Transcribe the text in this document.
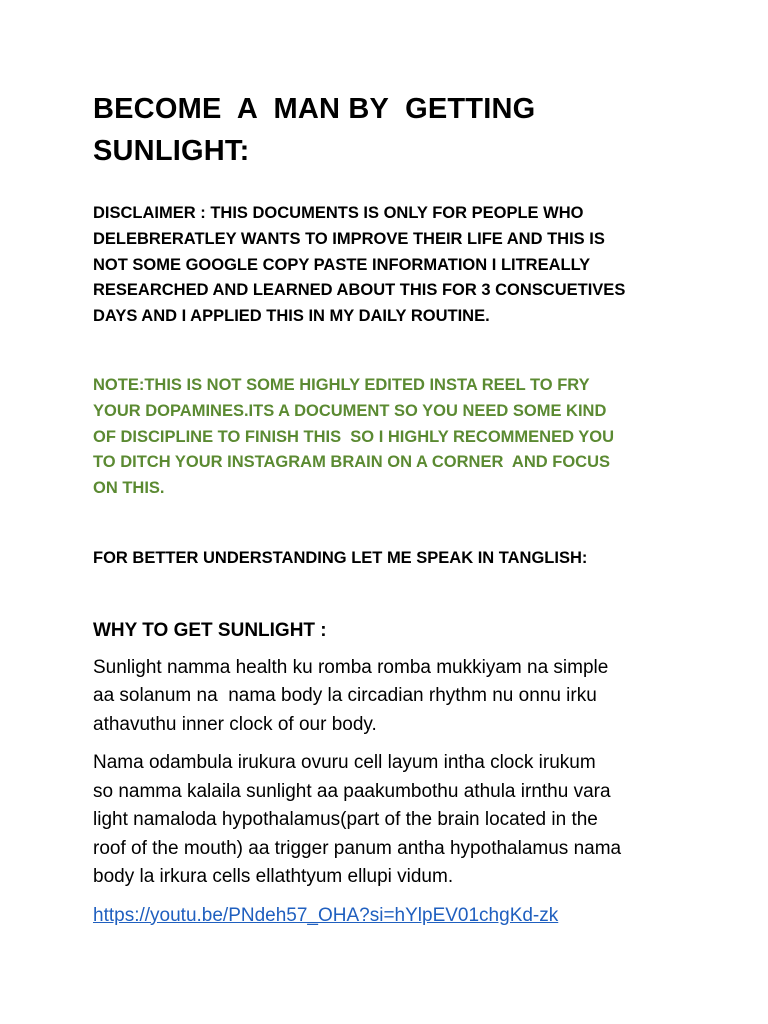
BECOME  A  MAN BY  GETTING
SUNLIGHT:

DISCLAIMER : THIS DOCUMENTS IS ONLY FOR PEOPLE WHO
DELEBRERATLEY WANTS TO IMPROVE THEIR LIFE AND THIS IS
NOT SOME GOOGLE COPY PASTE INFORMATION I LITREALLY
RESEARCHED AND LEARNED ABOUT THIS FOR 3 CONSCUETIVES
DAYS AND I APPLIED THIS IN MY DAILY ROUTINE.

NOTE:THIS IS NOT SOME HIGHLY EDITED INSTA REEL TO FRY
YOUR DOPAMINES.ITS A DOCUMENT SO YOU NEED SOME KIND
OF DISCIPLINE TO FINISH THIS  SO I HIGHLY RECOMMENED YOU
TO DITCH YOUR INSTAGRAM BRAIN ON A CORNER  AND FOCUS
ON THIS.

FOR BETTER UNDERSTANDING LET ME SPEAK IN TANGLISH:

WHY TO GET SUNLIGHT :

Sunlight namma health ku romba romba mukkiyam na simple
aa solanum na  nama body la circadian rhythm nu onnu irku
athavuthu inner clock of our body.

Nama odambula irukura ovuru cell layum intha clock irukum
so namma kalaila sunlight aa paakumbothu athula irnthu vara
light namaloda hypothalamus(part of the brain located in the
roof of the mouth) aa trigger panum antha hypothalamus nama
body la irkura cells ellathtyum ellupi vidum.

https://youtu.be/PNdeh57_OHA?si=hYlpEV01chgKd-zk
